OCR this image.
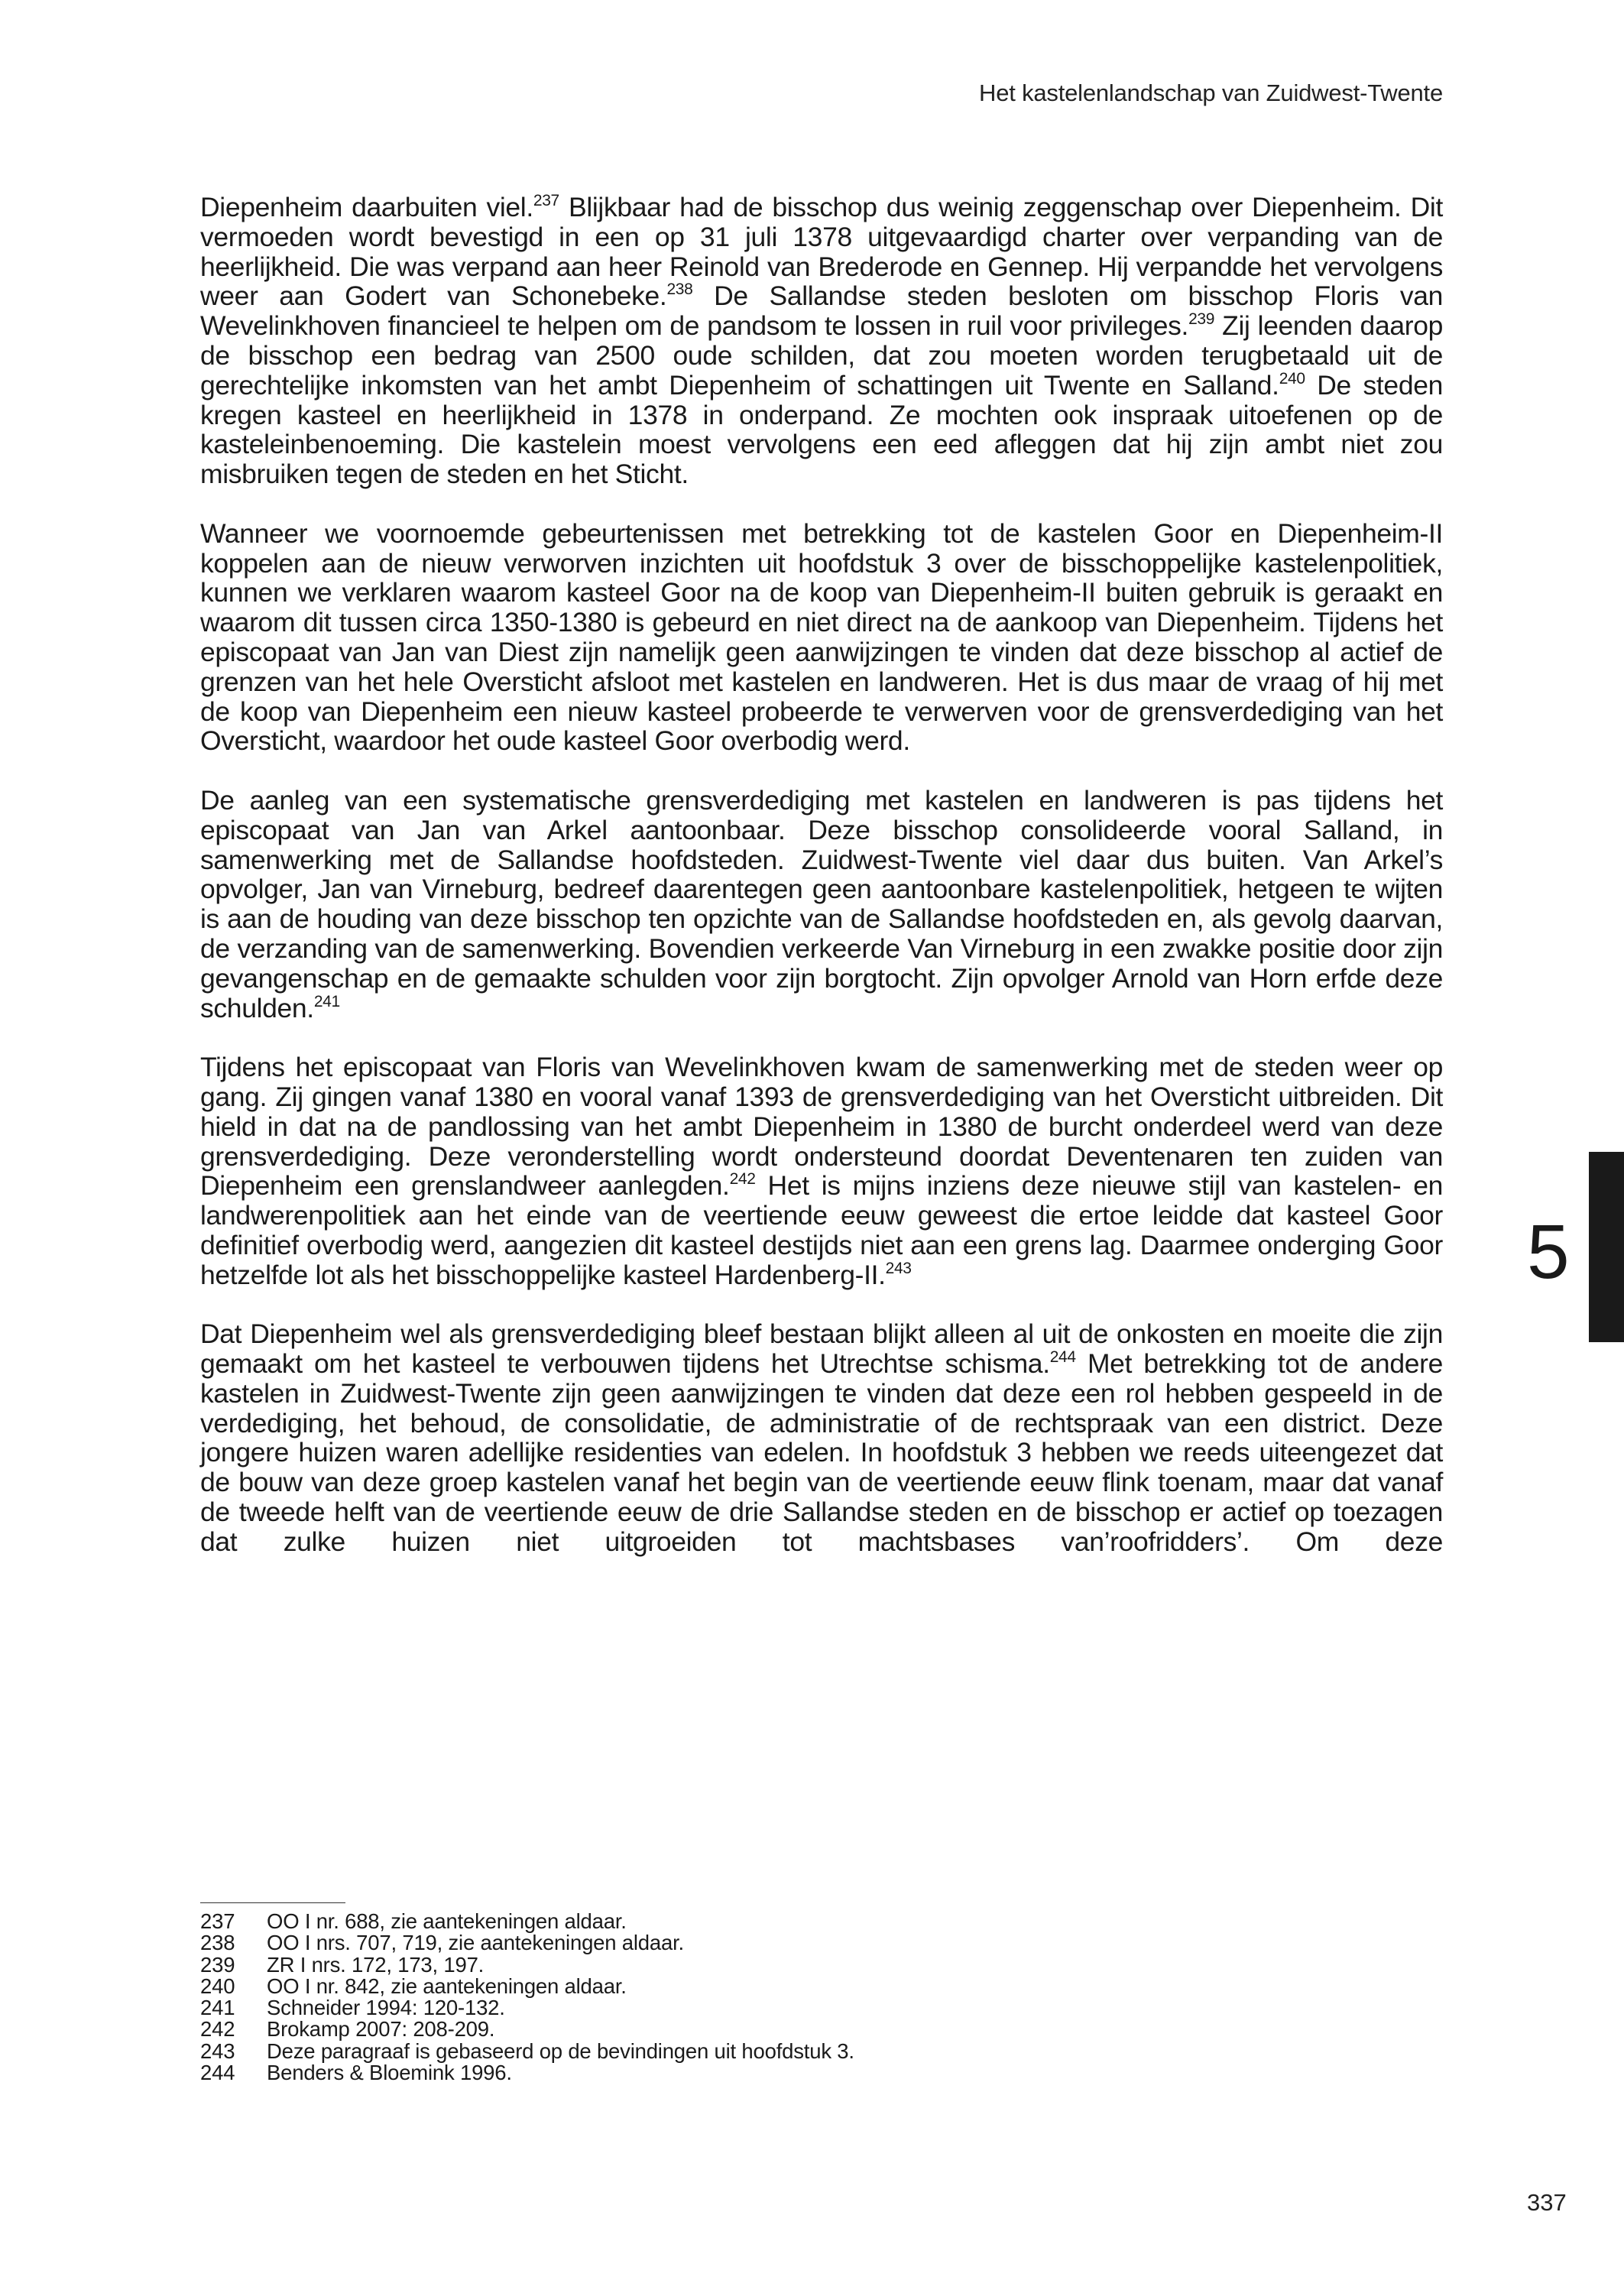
Het kastelenlandschap van Zuidwest-Twente

Diepenheim daarbuiten viel.$^{237}$ Blijkbaar had de bisschop dus weinig zeggenschap over Diepenheim. Dit vermoeden wordt bevestigd in een op 31 juli 1378 uitgevaardigd charter over verpanding van de heerlijkheid. Die was verpand aan heer Reinold van Brederode en Gennep. Hij verpandde het vervolgens weer aan Godert van Schonebeke.$^{238}$ De Sallandse steden besloten om bisschop Floris van Wevelinkhoven financieel te helpen om de pandsom te lossen in ruil voor privileges.$^{239}$ Zij leenden daarop de bisschop een bedrag van 2500 oude schilden, dat zou moeten worden terugbetaald uit de gerechtelijke inkomsten van het ambt Diepenheim of schattingen uit Twente en Salland.$^{240}$ De steden kregen kasteel en heerlijkheid in 1378 in onderpand. Ze mochten ook inspraak uitoefenen op de kasteleinbenoeming. Die kastelein moest vervolgens een eed afleggen dat hij zijn ambt niet zou misbruiken tegen de steden en het Sticht.

Wanneer we voornoemde gebeurtenissen met betrekking tot de kastelen Goor en Diepenheim-II koppelen aan de nieuw verworven inzichten uit hoofdstuk 3 over de bisschoppelijke kastelenpolitiek, kunnen we verklaren waarom kasteel Goor na de koop van Diepenheim-II buiten gebruik is geraakt en waarom dit tussen circa 1350-1380 is gebeurd en niet direct na de aankoop van Diepenheim. Tijdens het episcopaat van Jan van Diest zijn namelijk geen aanwijzingen te vinden dat deze bisschop al actief de grenzen van het hele Oversticht afsloot met kastelen en landweren. Het is dus maar de vraag of hij met de koop van Diepenheim een nieuw kasteel probeerde te verwerven voor de grensverdediging van het Oversticht, waardoor het oude kasteel Goor overbodig werd.

De aanleg van een systematische grensverdediging met kastelen en landweren is pas tijdens het episcopaat van Jan van Arkel aantoonbaar. Deze bisschop consolideerde vooral Salland, in samenwerking met de Sallandse hoofdsteden. Zuidwest-Twente viel daar dus buiten. Van Arkel’s opvolger, Jan van Virneburg, bedreef daarentegen geen aantoonbare kastelenpolitiek, hetgeen te wijten is aan de houding van deze bisschop ten opzichte van de Sallandse hoofdsteden en, als gevolg daarvan, de verzanding van de samenwerking. Bovendien verkeerde Van Virneburg in een zwakke positie door zijn gevangenschap en de gemaakte schulden voor zijn borgtocht. Zijn opvolger Arnold van Horn erfde deze schulden.$^{241}$

Tijdens het episcopaat van Floris van Wevelinkhoven kwam de samenwerking met de steden weer op gang. Zij gingen vanaf 1380 en vooral vanaf 1393 de grensverdediging van het Oversticht uitbreiden. Dit hield in dat na de pandlossing van het ambt Diepenheim in 1380 de burcht onderdeel werd van deze grensverdediging. Deze veronderstelling wordt ondersteund doordat Deventenaren ten zuiden van Diepenheim een grenslandweer aanlegden.$^{242}$ Het is mijns inziens deze nieuwe stijl van kastelen- en landwerenpolitiek aan het einde van de veertiende eeuw geweest die ertoe leidde dat kasteel Goor definitief overbodig werd, aangezien dit kasteel destijds niet aan een grens lag. Daarmee onderging Goor hetzelfde lot als het bisschoppelijke kasteel Hardenberg-II.$^{243}$

Dat Diepenheim wel als grensverdediging bleef bestaan blijkt alleen al uit de onkosten en moeite die zijn gemaakt om het kasteel te verbouwen tijdens het Utrechtse schisma.$^{244}$ Met betrekking tot de andere kastelen in Zuidwest-Twente zijn geen aanwijzingen te vinden dat deze een rol hebben gespeeld in de verdediging, het behoud, de consolidatie, de administratie of de rechtspraak van een district. Deze jongere huizen waren adellijke residenties van edelen. In hoofdstuk 3 hebben we reeds uiteengezet dat de bouw van deze groep kastelen vanaf het begin van de veertiende eeuw flink toenam, maar dat vanaf de tweede helft van de veertiende eeuw de drie Sallandse steden en de bisschop er actief op toezagen dat zulke huizen niet uitgroeiden tot machtsbases van’roofridders’. Om deze

237	OO I nr. 688, zie aantekeningen aldaar.
238	OO I nrs. 707, 719, zie aantekeningen aldaar.
239	ZR I nrs. 172, 173, 197.
240	OO I nr. 842, zie aantekeningen aldaar.
241	Schneider 1994: 120-132.
242	Brokamp 2007: 208-209.
243	Deze paragraaf is gebaseerd op de bevindingen uit hoofdstuk 3.
244	Benders & Bloemink 1996.
5
337
